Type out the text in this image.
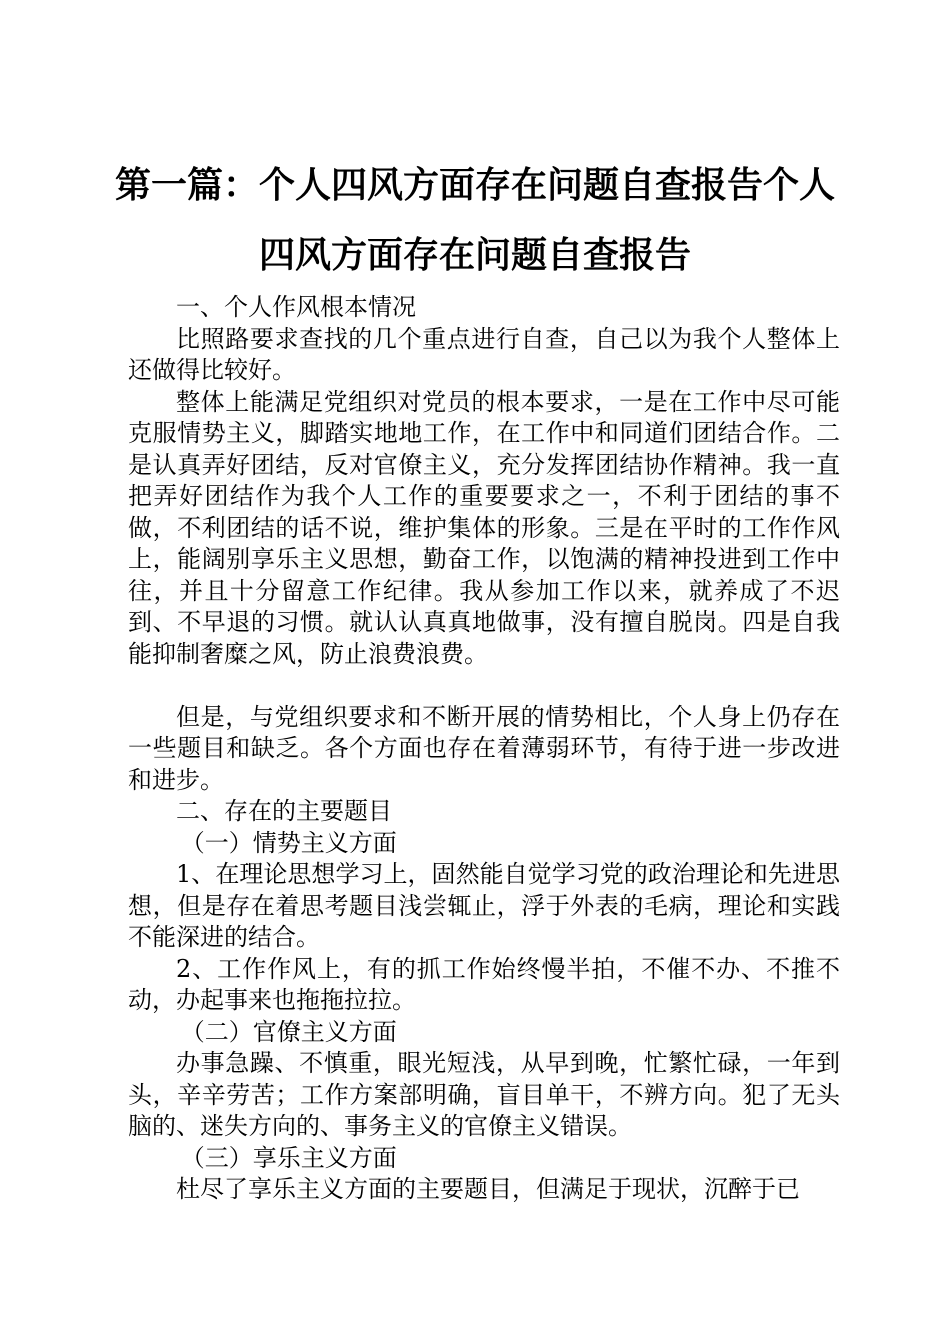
第一篇：个人四风方面存在问题自查报告个人
四风方面存在问题自查报告

一、个人作风根本情况

比照路要求查找的几个重点进行自查，自己以为我个人整体上还做得比较好。

整体上能满足党组织对党员的根本要求，一是在工作中尽可能克服情势主义，脚踏实地地工作，在工作中和同道们团结合作。二是认真弄好团结，反对官僚主义，充分发挥团结协作精神。我一直把弄好团结作为我个人工作的重要要求之一，不利于团结的事不做，不利团结的话不说，维护集体的形象。三是在平时的工作作风上，能阔别享乐主义思想，勤奋工作，以饱满的精神投进到工作中往，并且十分留意工作纪律。我从参加工作以来，就养成了不迟到、不早退的习惯。就认认真真地做事，没有擅自脱岗。四是自我能抑制奢糜之风，防止浪费浪费。

但是，与党组织要求和不断开展的情势相比，个人身上仍存在一些题目和缺乏。各个方面也存在着薄弱环节，有待于进一步改进和进步。

二、存在的主要题目

（一）情势主义方面

1、在理论思想学习上，固然能自觉学习党的政治理论和先进思想，但是存在着思考题目浅尝辄止，浮于外表的毛病，理论和实践不能深进的结合。

2、工作作风上，有的抓工作始终慢半拍，不催不办、不推不动，办起事来也拖拖拉拉。

（二）官僚主义方面

办事急躁、不慎重，眼光短浅，从早到晚，忙繁忙碌，一年到头，辛辛劳苦；工作方案部明确，盲目单干，不辨方向。犯了无头脑的、迷失方向的、事务主义的官僚主义错误。

（三）享乐主义方面

杜尽了享乐主义方面的主要题目，但满足于现状，沉醉于已
